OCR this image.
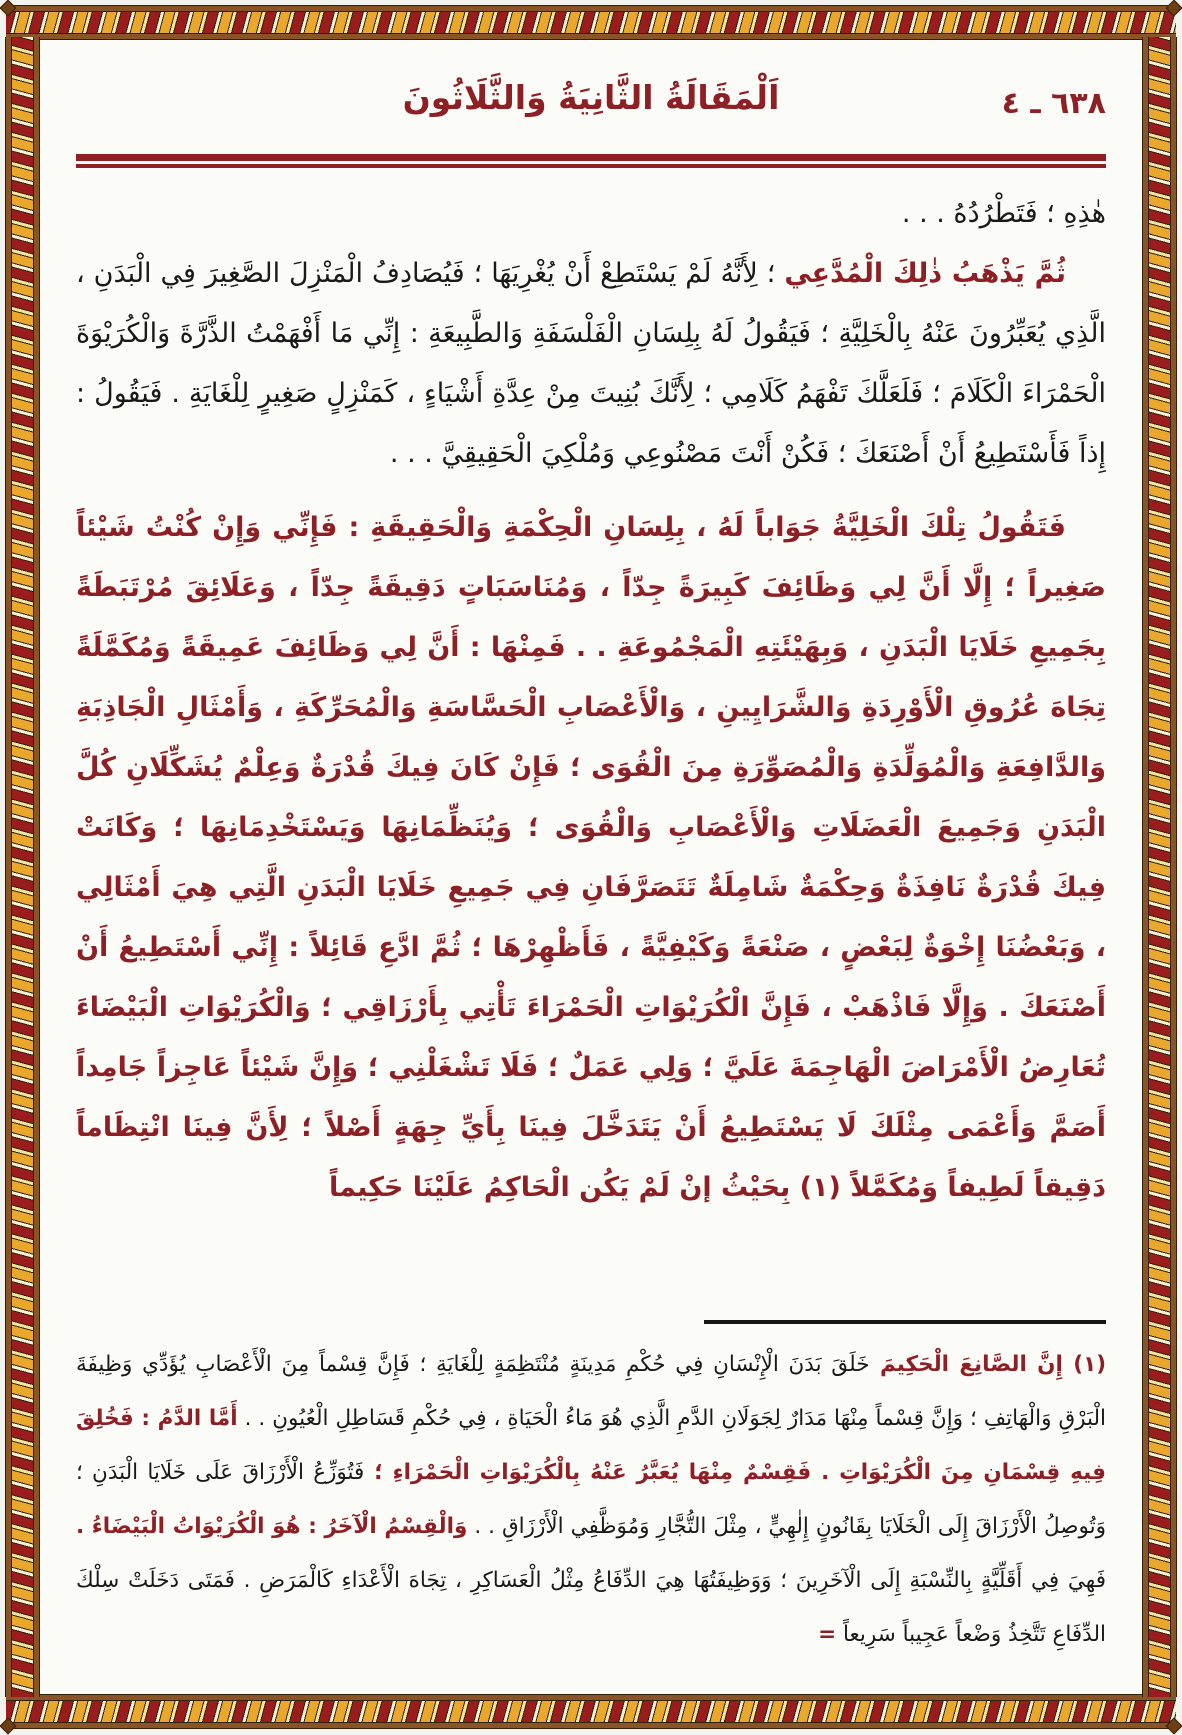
اَلْمَقَالَةُ الثَّانِيَةُ وَالثَّلَاثُونَ	٦٣٨ ـ ٤

هٰذِهِ ؛ فَتَطْرُدُهُ . . .

ثُمَّ يَذْهَبُ ذٰلِكَ الْمُدَّعِي ؛ لِأَنَّهُ لَمْ يَسْتَطِعْ أَنْ يُغْرِيَهَا ؛ فَيُصَادِفُ الْمَنْزِلَ الصَّغِيرَ فِي الْبَدَنِ ، الَّذِي يُعَبِّرُونَ عَنْهُ بِالْخَلِيَّةِ ؛ فَيَقُولُ لَهُ بِلِسَانِ الْفَلْسَفَةِ وَالطَّبِيعَةِ : إِنِّي مَا أَفْهَمْتُ الذَّرَّةَ وَالْكُرَيْوَةَ الْحَمْرَاءَ الْكَلَامَ ؛ فَلَعَلَّكَ تَفْهَمُ كَلَامِي ؛ لِأَنَّكَ بُنِيتَ مِنْ عِدَّةِ أَشْيَاءٍ ، كَمَنْزِلٍ صَغِيرٍ لِلْغَايَةِ . فَيَقُولُ : إِذاً فَأَسْتَطِيعُ أَنْ أَصْنَعَكَ ؛ فَكُنْ أَنْتَ مَصْنُوعِي وَمُلْكِيَ الْحَقِيقِيَّ . . .

فَتَقُولُ تِلْكَ الْخَلِيَّةُ جَوَاباً لَهُ ، بِلِسَانِ الْحِكْمَةِ وَالْحَقِيقَةِ : فَإِنِّي وَإِنْ كُنْتُ شَيْئاً صَغِيراً ؛ إِلَّا أَنَّ لِي وَظَائِفَ كَبِيرَةً جِدّاً ، وَمُنَاسَبَاتٍ دَقِيقَةً جِدّاً ، وَعَلَائِقَ مُرْتَبَطَةً بِجَمِيعِ خَلَايَا الْبَدَنِ ، وَبِهَيْئَتِهِ الْمَجْمُوعَةِ . . فَمِنْهَا : أَنَّ لِي وَظَائِفَ عَمِيقَةً وَمُكَمَّلَةً تِجَاهَ عُرُوقِ الْأَوْرِدَةِ وَالشَّرَايِينِ ، وَالْأَعْصَابِ الْحَسَّاسَةِ وَالْمُحَرِّكَةِ ، وَأَمْثَالِ الْجَاذِبَةِ وَالدَّافِعَةِ وَالْمُوَلِّدَةِ وَالْمُصَوِّرَةِ مِنَ الْقُوَى ؛ فَإِنْ كَانَ فِيكَ قُدْرَةٌ وَعِلْمٌ يُشَكِّلَانِ كُلَّ الْبَدَنِ وَجَمِيعَ الْعَضَلَاتِ وَالْأَعْصَابِ وَالْقُوَى ؛ وَيُنَظِّمَانِهَا وَيَسْتَخْدِمَانِهَا ؛ وَكَانَتْ فِيكَ قُدْرَةٌ نَافِذَةٌ وَحِكْمَةٌ شَامِلَةٌ تَتَصَرَّفَانِ فِي جَمِيعِ خَلَايَا الْبَدَنِ الَّتِي هِيَ أَمْثَالِي ، وَبَعْضُنَا إِخْوَةٌ لِبَعْضٍ ، صَنْعَةً وَكَيْفِيَّةً ، فَأَظْهِرْهَا ؛ ثُمَّ ادَّعِ قَائِلاً : إِنِّي أَسْتَطِيعُ أَنْ أَصْنَعَكَ . وَإِلَّا فَاذْهَبْ ، فَإِنَّ الْكُرَيْوَاتِ الْحَمْرَاءَ تَأْتِي بِأَرْزَاقِي ؛ وَالْكُرَيْوَاتِ الْبَيْضَاءَ تُعَارِضُ الْأَمْرَاضَ الْهَاجِمَةَ عَلَيَّ ؛ وَلِي عَمَلٌ ؛ فَلَا تَشْغَلْنِي ؛ وَإِنَّ شَيْئاً عَاجِزاً جَامِداً أَصَمَّ وَأَعْمَى مِثْلَكَ لَا يَسْتَطِيعُ أَنْ يَتَدَخَّلَ فِينَا بِأَيِّ جِهَةٍ أَصْلاً ؛ لِأَنَّ فِينَا انْتِظَاماً دَقِيقاً لَطِيفاً وَمُكَمَّلاً (١) بِحَيْثُ إِنْ لَمْ يَكُنِ الْحَاكِمُ عَلَيْنَا حَكِيماً

(١) إِنَّ الصَّانِعَ الْحَكِيمَ خَلَقَ بَدَنَ الْإِنْسَانِ فِي حُكْمِ مَدِينَةٍ مُنْتَظِمَةٍ لِلْغَايَةِ ؛ فَإِنَّ قِسْماً مِنَ الْأَعْصَابِ يُؤَدِّي وَظِيفَةَ الْبَرْقِ وَالْهَاتِفِ ؛ وَإِنَّ قِسْماً مِنْهَا مَدَارٌ لِجَوَلَانِ الدَّمِ الَّذِي هُوَ مَاءُ الْحَيَاةِ ، فِي حُكْمِ قَسَاطِلِ الْعُيُونِ . . أَمَّا الدَّمُ : فَخُلِقَ فِيهِ قِسْمَانِ مِنَ الْكُرَيْوَاتِ . فَقِسْمٌ مِنْهَا يُعَبَّرُ عَنْهُ بِالْكُرَيْوَاتِ الْحَمْرَاءِ ؛ فَتُوَزِّعُ الْأَرْزَاقَ عَلَى خَلَايَا الْبَدَنِ ؛ وَتُوصِلُ الْأَرْزَاقَ إِلَى الْخَلَايَا بِقَانُونٍ إِلٰهِيٍّ ، مِثْلَ التُّجَّارِ وَمُوَظَّفِي الْأَرْزَاقِ . . وَالْقِسْمُ الْآخَرُ : هُوَ الْكُرَيْوَاتُ الْبَيْضَاءُ . فَهِيَ فِي أَقَلِّيَّةٍ بِالنِّسْبَةِ إِلَى الْآخَرِينَ ؛ وَوَظِيفَتُهَا هِيَ الدِّفَاعُ مِثْلُ الْعَسَاكِرِ ، تِجَاهَ الْأَعْدَاءِ كَالْمَرَضِ . فَمَتَى دَخَلَتْ سِلْكَ الدِّفَاعِ تَتَّخِذُ وَضْعاً عَجِيباً سَرِيعاً =
